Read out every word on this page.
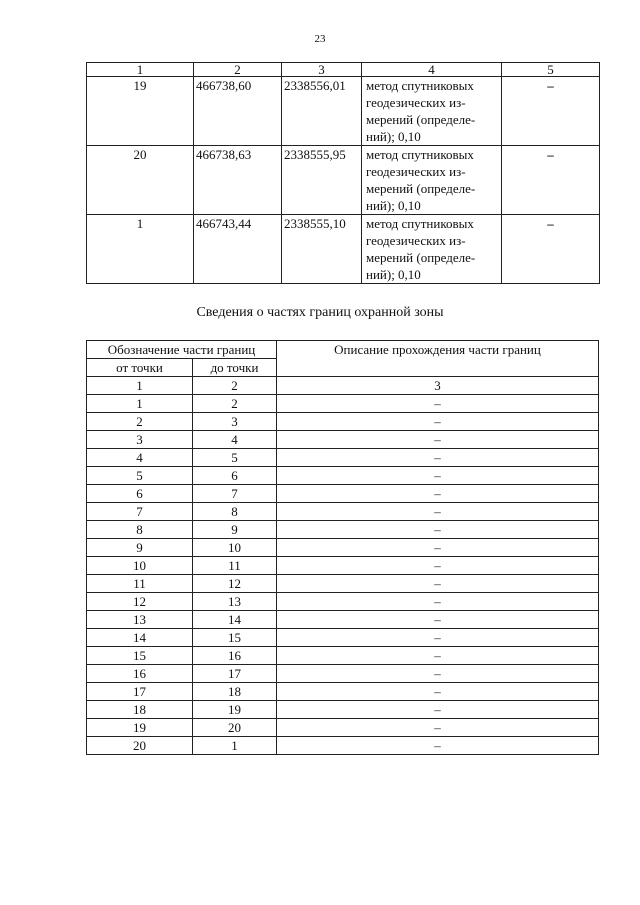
23
1	2	3	4	5
19	466738,60	2338556,01	метод спутниковых
геодезических из-
мерений (определе-
ний); 0,10	–
20	466738,63	2338555,95	метод спутниковых
геодезических из-
мерений (определе-
ний); 0,10	–
1	466743,44	2338555,10	метод спутниковых
геодезических из-
мерений (определе-
ний); 0,10	–
Сведения о частях границ охранной зоны
Обозначение части границ		Описание прохождения части границ
от точки	до точки	
1	2	3
1	2	–
2	3	–
3	4	–
4	5	–
5	6	–
6	7	–
7	8	–
8	9	–
9	10	–
10	11	–
11	12	–
12	13	–
13	14	–
14	15	–
15	16	–
16	17	–
17	18	–
18	19	–
19	20	–
20	1	–
